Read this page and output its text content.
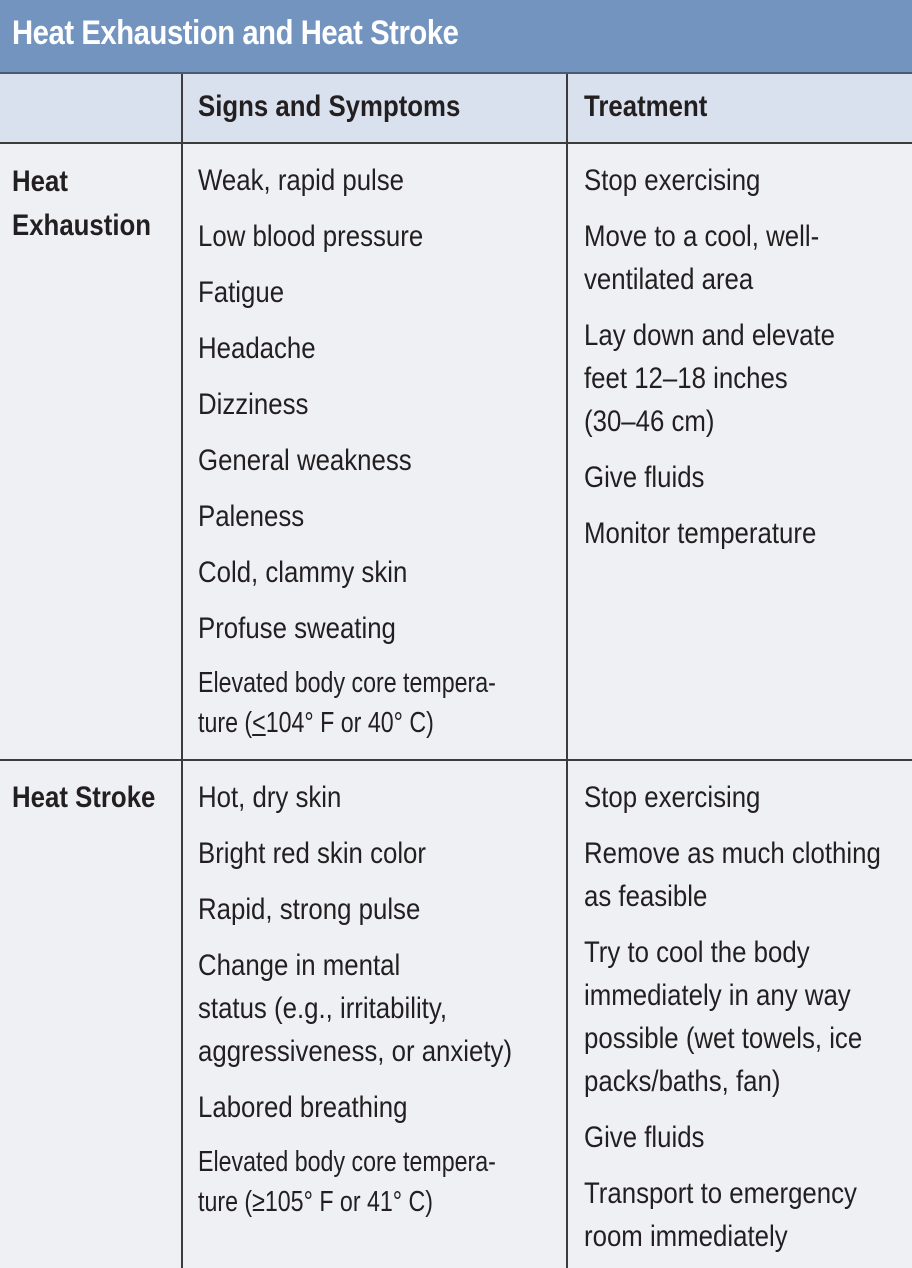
Heat Exhaustion and Heat Stroke
Signs and Symptoms	Treatment
Heat
Exhaustion
Weak, rapid pulse
Low blood pressure
Fatigue
Headache
Dizziness
General weakness
Paleness
Cold, clammy skin
Profuse sweating
Elevated body core tempera-
ture (≤104° F or 40° C)
Stop exercising
Move to a cool, well-
ventilated area
Lay down and elevate
feet 12–18 inches
(30–46 cm)
Give fluids
Monitor temperature
Heat Stroke Hot, dry skin
Bright red skin color
Rapid, strong pulse
Change in mental
status (e.g., irritability,
aggressiveness, or anxiety)
Labored breathing
Elevated body core tempera-
ture (≥105° F or 41° C)
Stop exercising
Remove as much clothing
as feasible
Try to cool the body
immediately in any way
possible (wet towels, ice
packs/baths, fan)
Give fluids
Transport to emergency
room immediately
